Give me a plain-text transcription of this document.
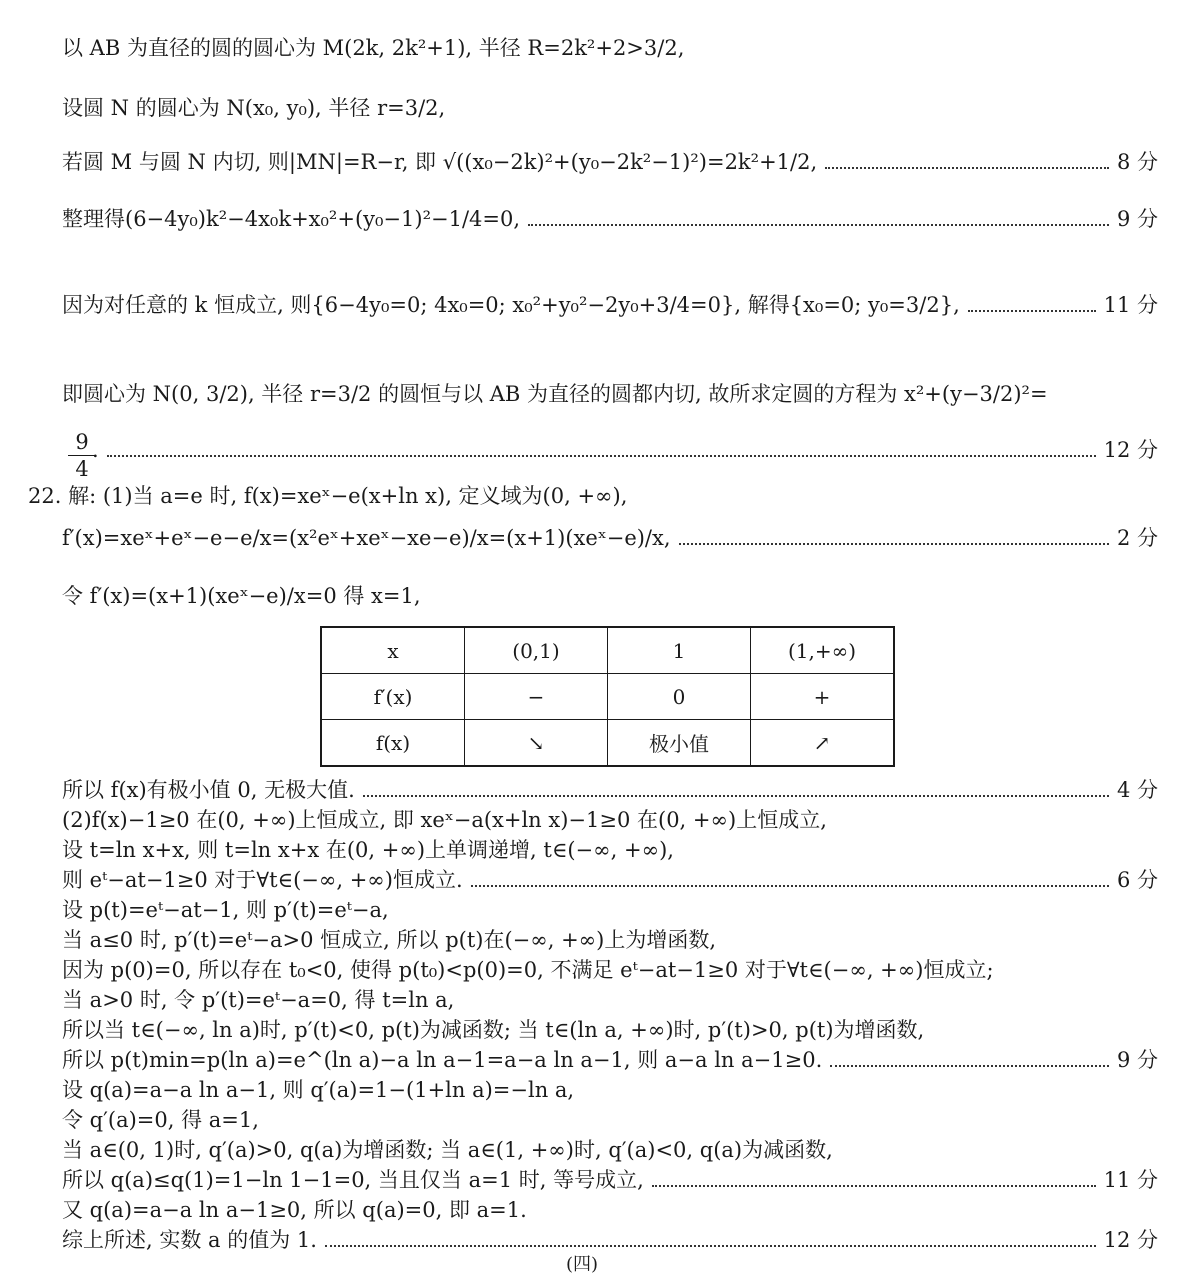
以 AB 为直径的圆的圆心为 M(2k, 2k²+1), 半径 R=2k²+2>3/2,
设圆 N 的圆心为 N(x₀, y₀), 半径 r=3/2,
若圆 M 与圆 N 内切, 则|MN|=R−r, 即 √((x₀−2k)²+(y₀−2k²−1)²)=2k²+1/2,	8 分
整理得(6−4y₀)k²−4x₀k+x₀²+(y₀−1)²−1/4=0,	9 分
因为对任意的 k 恒成立, 则{6−4y₀=0; 4x₀=0; x₀²+y₀²−2y₀+3/4=0}, 解得{x₀=0; y₀=3/2},	11 分
即圆心为 N(0, 3/2), 半径 r=3/2 的圆恒与以 AB 为直径的圆都内切, 故所求定圆的方程为 x²+(y−3/2)²=
9
4
.	12 分
22. 解: (1)当 a=e 时, f(x)=xeˣ−e(x+ln x), 定义域为(0, +∞),
f′(x)=xeˣ+eˣ−e−e/x=(x²eˣ+xeˣ−xe−e)/x=(x+1)(xeˣ−e)/x,	2 分
令 f′(x)=(x+1)(xeˣ−e)/x=0 得 x=1,
x	(0,1)	1	(1,+∞)
f′(x)	−	0	+
f(x)	↘	极小值	↗
所以 f(x)有极小值 0, 无极大值.	4 分
(2)f(x)−1≥0 在(0, +∞)上恒成立, 即 xeˣ−a(x+ln x)−1≥0 在(0, +∞)上恒成立,
设 t=ln x+x, 则 t=ln x+x 在(0, +∞)上单调递增, t∈(−∞, +∞),
则 eᵗ−at−1≥0 对于∀t∈(−∞, +∞)恒成立.	6 分
设 p(t)=eᵗ−at−1, 则 p′(t)=eᵗ−a,
当 a≤0 时, p′(t)=eᵗ−a>0 恒成立, 所以 p(t)在(−∞, +∞)上为增函数,
因为 p(0)=0, 所以存在 t₀<0, 使得 p(t₀)<p(0)=0, 不满足 eᵗ−at−1≥0 对于∀t∈(−∞, +∞)恒成立;
当 a>0 时, 令 p′(t)=eᵗ−a=0, 得 t=ln a,
所以当 t∈(−∞, ln a)时, p′(t)<0, p(t)为减函数; 当 t∈(ln a, +∞)时, p′(t)>0, p(t)为增函数,
所以 p(t)min=p(ln a)=e^(ln a)−a ln a−1=a−a ln a−1, 则 a−a ln a−1≥0.	9 分
设 q(a)=a−a ln a−1, 则 q′(a)=1−(1+ln a)=−ln a,
令 q′(a)=0, 得 a=1,
当 a∈(0, 1)时, q′(a)>0, q(a)为增函数; 当 a∈(1, +∞)时, q′(a)<0, q(a)为减函数,
所以 q(a)≤q(1)=1−ln 1−1=0, 当且仅当 a=1 时, 等号成立,	11 分
又 q(a)=a−a ln a−1≥0, 所以 q(a)=0, 即 a=1.
综上所述, 实数 a 的值为 1.	12 分
(四)
